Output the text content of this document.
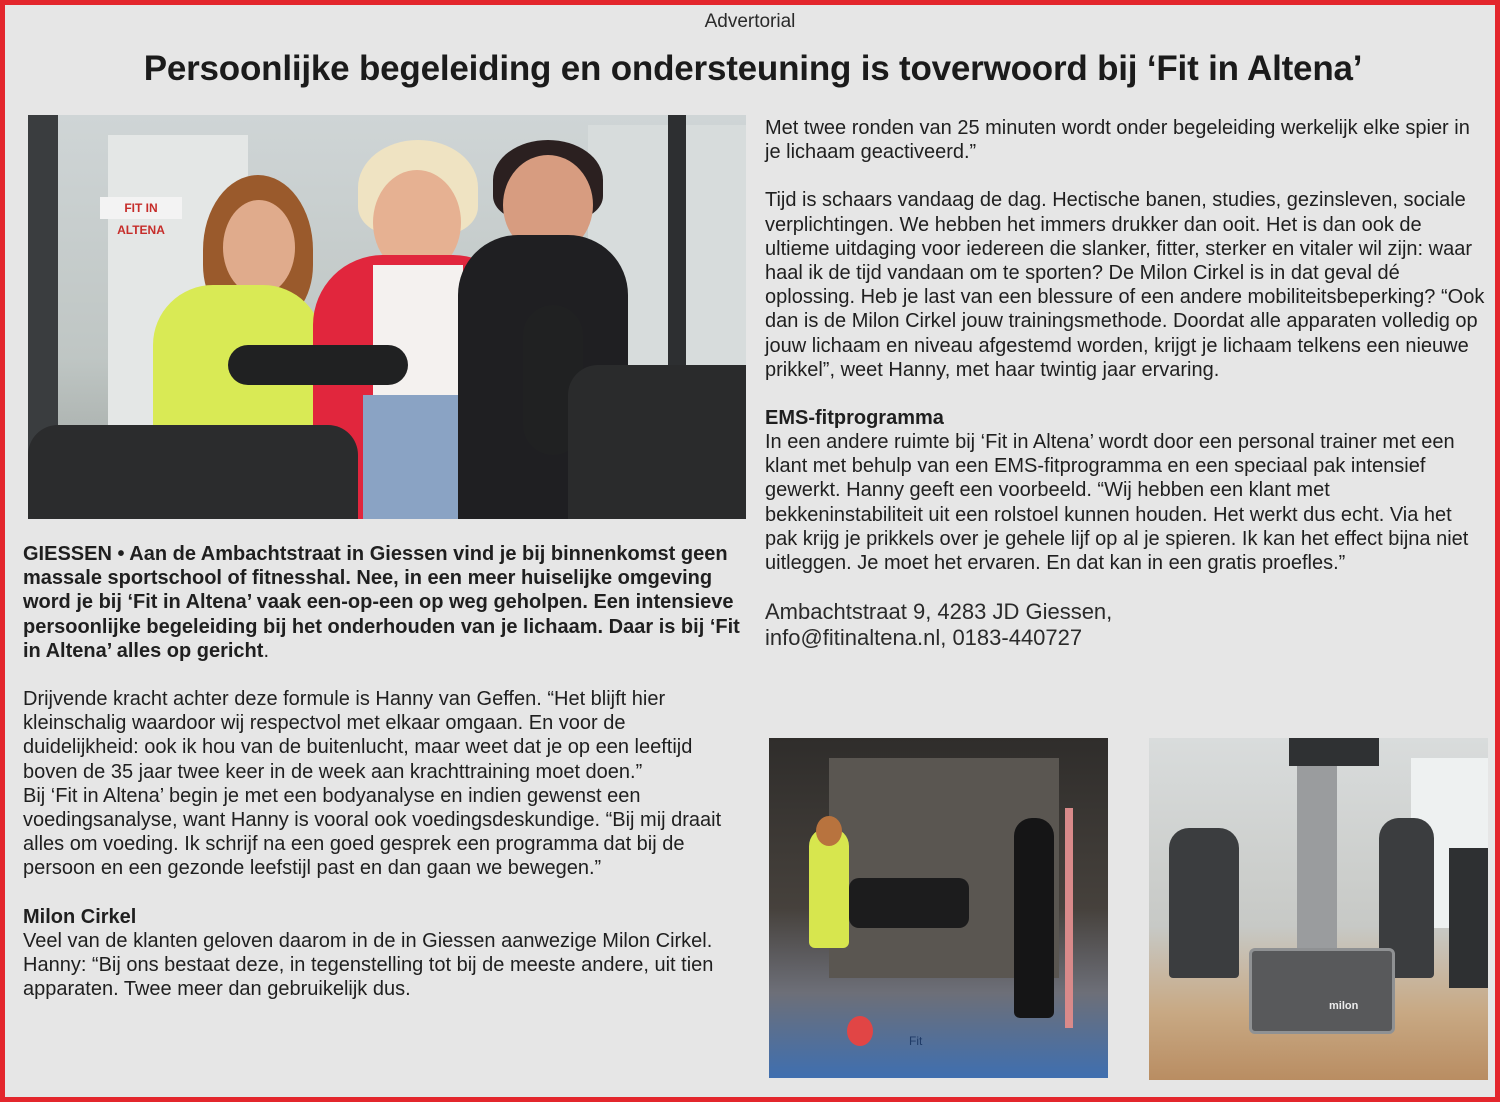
Advertorial
Persoonlijke begeleiding en ondersteuning is toverwoord bij ‘Fit in Altena’
FIT IN ALTENA

GIESSEN • Aan de Ambachtstraat in Giessen vind je bij binnenkomst geen massale sportschool of fitnesshal. Nee, in een meer huiselijke omgeving word je bij ‘Fit in Altena’ vaak een-op-een op weg geholpen. Een intensieve persoonlijke begeleiding bij het onderhouden van je lichaam. Daar is bij ‘Fit in Altena’ alles op gericht.

Drijvende kracht achter deze formule is Hanny van Geffen. “Het blijft hier kleinschalig waardoor wij respectvol met elkaar omgaan. En voor de duidelijkheid: ook ik hou van de buitenlucht, maar weet dat je op een leeftijd boven de 35 jaar twee keer in de week aan krachttraining moet doen.”

Bij ‘Fit in Altena’ begin je met een bodyanalyse en indien gewenst een voedingsanalyse, want Hanny is vooral ook voedingsdeskundige. “Bij mij draait alles om voeding. Ik schrijf na een goed gesprek een programma dat bij de persoon en een gezonde leefstijl past en dan gaan we bewegen.”

Milon Cirkel

Veel van de klanten geloven daarom in de in Giessen aanwezige Milon Cirkel. Hanny: “Bij ons bestaat deze, in tegenstelling tot bij de meeste andere, uit tien apparaten. Twee meer dan gebruikelijk dus.

Met twee ronden van 25 minuten wordt onder begeleiding werkelijk elke spier in je lichaam geactiveerd.”

Tijd is schaars vandaag de dag. Hectische banen, studies, gezinsleven, sociale verplichtingen. We hebben het immers drukker dan ooit. Het is dan ook de ultieme uitdaging voor iedereen die slanker, fitter, sterker en vitaler wil zijn: waar haal ik de tijd vandaan om te sporten? De Milon Cirkel is in dat geval dé oplossing. Heb je last van een blessure of een andere mobiliteitsbeperking? “Ook dan is de Milon Cirkel jouw trainingsmethode. Doordat alle apparaten volledig op jouw lichaam en niveau afgestemd worden, krijgt je lichaam telkens een nieuwe prikkel”, weet Hanny, met haar twintig jaar ervaring.

EMS-fitprogramma

In een andere ruimte bij ‘Fit in Altena’ wordt door een personal trainer met een klant met behulp van een EMS-fitprogramma en een speciaal pak intensief gewerkt. Hanny geeft een voorbeeld. “Wij hebben een klant met bekkeninstabiliteit uit een rolstoel kunnen houden. Het werkt dus echt. Via het pak krijg je prikkels over je gehele lijf op al je spieren. Ik kan het effect bijna niet uitleggen. Je moet het ervaren. En dat kan in een gratis proefles.”

Ambachtstraat 9, 4283 JD Giessen,
info@fitinaltena.nl, 0183-440727
Fit
milon
